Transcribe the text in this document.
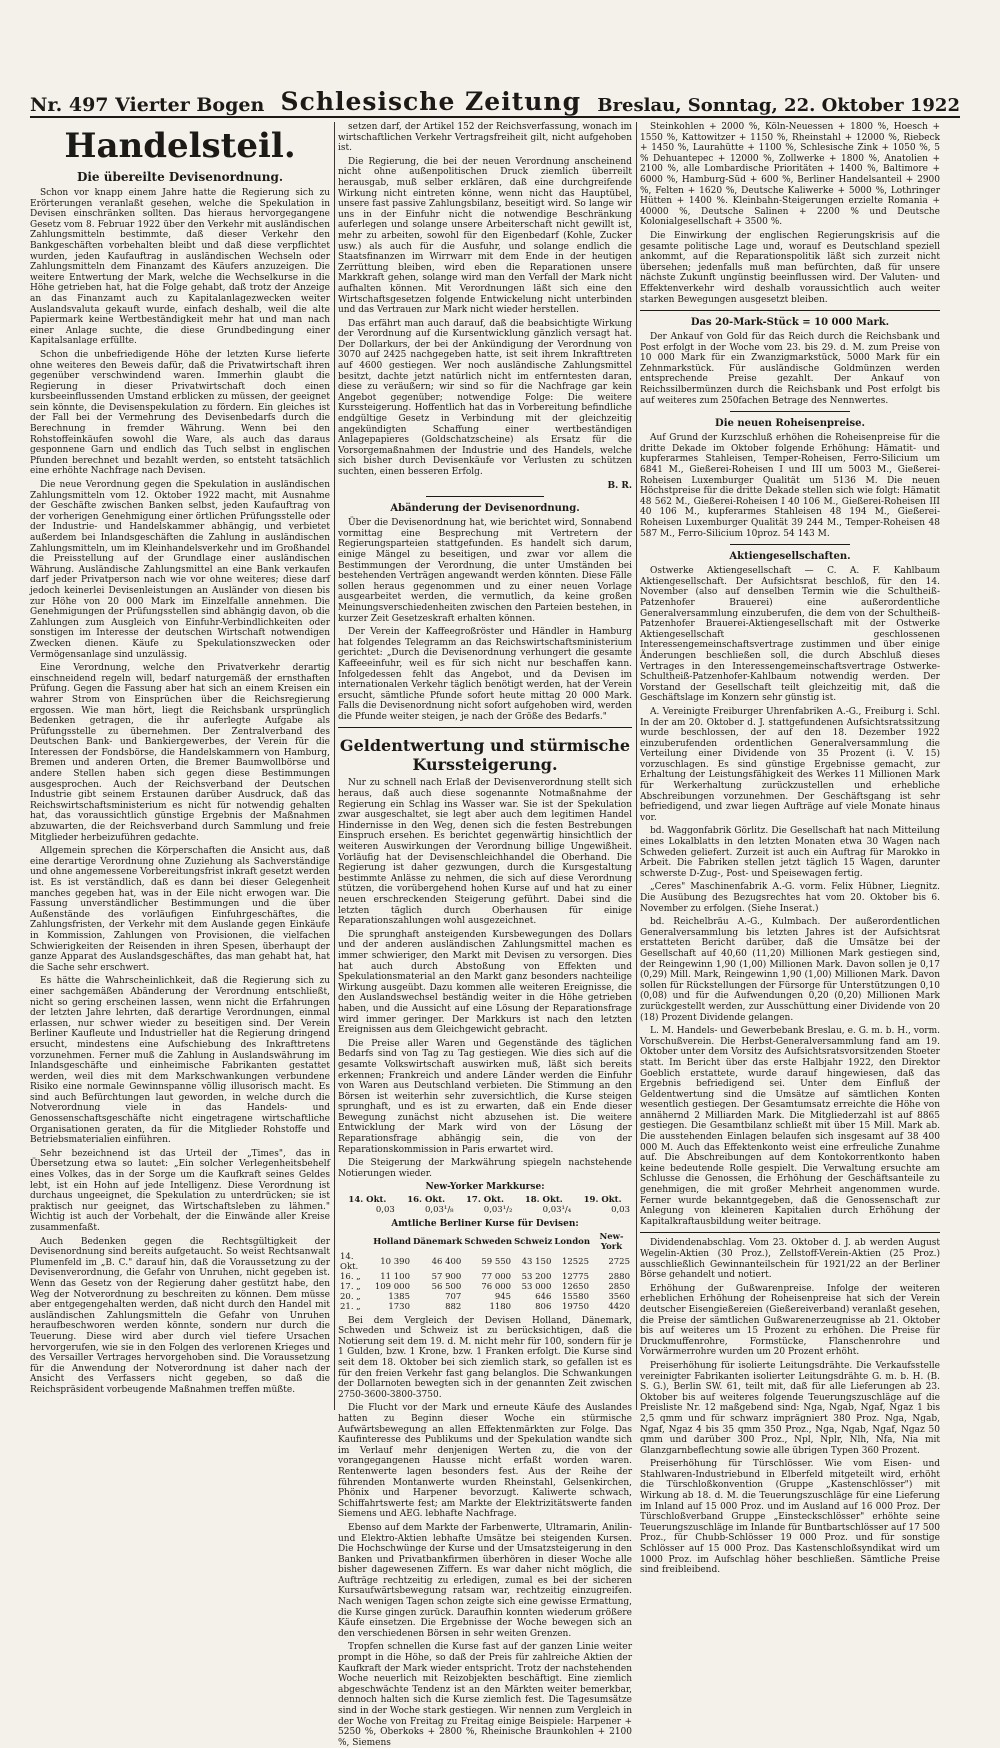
Nr. 497 Vierter Bogen Schlesische Zeitung Breslau, Sonntag, 22. Oktober 1922
Handelsteil.
Die übereilte Devisenordnung.

Schon vor knapp einem Jahre hatte die Regierung sich zu Erörterungen veranlaßt gesehen, welche die Spekulation in Devisen einschränken sollten. Das hieraus hervorgegangene Gesetz vom 8. Februar 1922 über den Verkehr mit ausländischen Zahlungsmitteln bestimmte, daß dieser Verkehr den Bankgeschäften vorbehalten bleibt und daß diese verpflichtet wurden, jeden Kaufauftrag in ausländischen Wechseln oder Zahlungsmitteln dem Finanzamt des Käufers anzuzeigen. Die weitere Entwertung der Mark, welche die Wechselkurse in die Höhe getrieben hat, hat die Folge gehabt, daß trotz der Anzeige an das Finanzamt auch zu Kapitalanlagezwecken weiter Auslandsvaluta gekauft wurde, einfach deshalb, weil die alte Papiermark keine Wertbeständigkeit mehr hat und man nach einer Anlage suchte, die diese Grundbedingung einer Kapitalsanlage erfüllte.

Schon die unbefriedigende Höhe der letzten Kurse lieferte ohne weiteres den Beweis dafür, daß die Privatwirtschaft ihren gegenüber verschwindend waren. Immerhin glaubt die Regierung in dieser Privatwirtschaft doch einen kursbeeinflussenden Umstand erblicken zu müssen, der geeignet sein könnte, die Devisenspekulation zu fördern. Ein gleiches ist der Fall bei der Vermehrung des Devisenbedarfs durch die Berechnung in fremder Währung. Wenn bei den Rohstoffeinkäufen sowohl die Ware, als auch das daraus gesponnene Garn und endlich das Tuch selbst in englischen Pfunden berechnet und bezahlt werden, so entsteht tatsächlich eine erhöhte Nachfrage nach Devisen.

Die neue Verordnung gegen die Spekulation in ausländischen Zahlungsmitteln vom 12. Oktober 1922 macht, mit Ausnahme der Geschäfte zwischen Banken selbst, jeden Kaufauftrag von der vorherigen Genehmigung einer örtlichen Prüfungsstelle oder der Industrie- und Handelskammer abhängig, und verbietet außerdem bei Inlandsgeschäften die Zahlung in ausländischen Zahlungsmitteln, um im Kleinhandelsverkehr und im Großhandel die Preisstellung auf der Grundlage einer ausländischen Währung. Ausländische Zahlungsmittel an eine Bank verkaufen darf jeder Privatperson nach wie vor ohne weiteres; diese darf jedoch keinerlei Devisenleistungen an Ausländer von diesen bis zur Höhe von 20 000 Mark im Einzelfalle annehmen. Die Genehmigungen der Prüfungsstellen sind abhängig davon, ob die Zahlungen zum Ausgleich von Einfuhr-Verbindlichkeiten oder sonstigen im Interesse der deutschen Wirtschaft notwendigen Zwecken dienen. Käufe zu Spekulationszwecken oder Vermögensanlage sind unzulässig.

Eine Verordnung, welche den Privatverkehr derartig einschneidend regeln will, bedarf naturgemäß der ernsthaften Prüfung. Gegen die Fassung aber hat sich an einem Kreisen ein wahrer Strom von Einsprüchen über die Reichsregierung ergossen. Wie man hört, liegt die Reichsbank ursprünglich Bedenken getragen, die ihr auferlegte Aufgabe als Prüfungsstelle zu übernehmen. Der Zentralverband des Deutschen Bank- und Bankiergewerbes, der Verein für die Interessen der Fondsbörse, die Handelskammern von Hamburg, Bremen und anderen Orten, die Bremer Baumwollbörse und andere Stellen haben sich gegen diese Bestimmungen ausgesprochen. Auch der Reichsverband der Deutschen Industrie gibt seinem Erstaunen darüber Ausdruck, daß das Reichswirtschaftsministerium es nicht für notwendig gehalten hat, das voraussichtlich günstige Ergebnis der Maßnahmen abzuwarten, die der Reichsverband durch Sammlung und freie Mitglieder herbeizuführen gedachte.

Allgemein sprechen die Körperschaften die Ansicht aus, daß eine derartige Verordnung ohne Zuziehung als Sachverständige und ohne angemessene Vorbereitungsfrist inkraft gesetzt werden ist. Es ist verständlich, daß es dann bei dieser Gelegenheit manches gegeben hat, was in der Eile nicht erwogen war. Die Fassung unverständlicher Bestimmungen und die über Außenstände des vorläufigen Einfuhrgeschäftes, die Zahlungsfristen, der Verkehr mit dem Auslande gegen Einkäufe in Kommission, Zahlungen von Provisionen, die vielfachen Schwierigkeiten der Reisenden in ihren Spesen, überhaupt der ganze Apparat des Auslandsgeschäftes, das man gehabt hat, hat die Sache sehr erschwert.

Es hätte die Wahrscheinlichkeit, daß die Regierung sich zu einer sachgemäßen Abänderung der Verordnung entschließt, nicht so gering erscheinen lassen, wenn nicht die Erfahrungen der letzten Jahre lehrten, daß derartige Verordnungen, einmal erlassen, nur schwer wieder zu beseitigen sind. Der Verein Berliner Kaufleute und Industrieller hat die Regierung dringend ersucht, mindestens eine Aufschiebung des Inkrafttretens vorzunehmen. Ferner muß die Zahlung in Auslandswährung im Inlandsgeschäfte und einheimische Fabrikanten gestattet werden, weil dies mit dem Markschwankungen verbundene Risiko eine normale Gewinnspanne völlig illusorisch macht. Es sind auch Befürchtungen laut geworden, in welche durch die Notverordnung viele in das Handels- und Genossenschaftsgeschäfte nicht eingetragene wirtschaftliche Organisationen geraten, da für die Mitglieder Rohstoffe und Betriebsmaterialien einführen.

Sehr bezeichnend ist das Urteil der „Times", das in Übersetzung etwa so lautet: „Ein solcher Verlegenheitsbehelf eines Volkes, das in der Sorge um die Kaufkraft seines Geldes lebt, ist ein Hohn auf jede Intelligenz. Diese Verordnung ist durchaus ungeeignet, die Spekulation zu unterdrücken; sie ist praktisch nur geeignet, das Wirtschaftsleben zu lähmen." Wichtig ist auch der Vorbehalt, der die Einwände aller Kreise zusammenfaßt.

Auch Bedenken gegen die Rechtsgültigkeit der Devisenordnung sind bereits aufgetaucht. So weist Rechtsanwalt Plumenfeld im „B. C." darauf hin, daß die Voraussetzung zu der Devisenverordnung, die Gefahr von Unruhen, nicht gegeben ist. Wenn das Gesetz von der Regierung daher gestützt habe, den Weg der Notverordnung zu beschreiten zu können. Dem müsse aber entgegengehalten werden, daß nicht durch den Handel mit ausländischen Zahlungsmitteln die Gefahr von Unruhen heraufbeschworen werden könnte, sondern nur durch die Teuerung. Diese wird aber durch viel tiefere Ursachen hervorgerufen, wie sie in den Folgen des verlorenen Krieges und des Versailler Vertrages hervorgehoben sind. Die Voraussetzung für die Anwendung der Notverordnung ist daher nach der Ansicht des Verfassers nicht gegeben, so daß die Reichspräsident vorbeugende Maßnahmen treffen müßte.

setzen darf, der Artikel 152 der Reichsverfassung, wonach im wirtschaftlichen Verkehr Vertragsfreiheit gilt, nicht aufgehoben ist.

Die Regierung, die bei der neuen Verordnung anscheinend nicht ohne außenpolitischen Druck ziemlich überreilt herausgab, muß selber erklären, daß eine durchgreifende Wirkung nicht eintreten könne, wenn nicht das Hauptübel, unsere fast passive Zahlungsbilanz, beseitigt wird. So lange wir uns in der Einfuhr nicht die notwendige Beschränkung auferlegen und solange unsere Arbeiterschaft nicht gewillt ist, mehr zu arbeiten, sowohl für den Eigenbedarf (Kohle, Zucker usw.) als auch für die Ausfuhr, und solange endlich die Staatsfinanzen im Wirrwarr mit dem Ende in der heutigen Zerrüttung bleiben, wird eben die Reparationen unsere Markkraft gehen, solange wird man den Verfall der Mark nicht aufhalten können. Mit Verordnungen läßt sich eine den Wirtschaftsgesetzen folgende Entwickelung nicht unterbinden und das Vertrauen zur Mark nicht wieder herstellen.

Das erfährt man auch darauf, daß die beabsichtigte Wirkung der Verordnung auf die Kursentwicklung gänzlich versagt hat. Der Dollarkurs, der bei der Ankündigung der Verordnung von 3070 auf 2425 nachgegeben hatte, ist seit ihrem Inkrafttreten auf 4600 gestiegen. Wer noch ausländische Zahlungsmittel besitzt, dachte jetzt natürlich nicht im entferntesten daran, diese zu veräußern; wir sind so für die Nachfrage gar kein Angebot gegenüber; notwendige Folge: Die weitere Kurssteigerung. Hoffentlich hat das in Vorbereitung befindliche endgültige Gesetz in Verbindung mit der gleichzeitig angekündigten Schaffung einer wertbeständigen Anlagepapieres (Goldschatzscheine) als Ersatz für die Vorsorgemaßnahmen der Industrie und des Handels, welche sich bisher durch Devisenkäufe vor Verlusten zu schützen suchten, einen besseren Erfolg.

B. R.
Abänderung der Devisenordnung.

Über die Devisenordnung hat, wie berichtet wird, Sonnabend vormittag eine Besprechung mit Vertretern der Regierungsparteien stattgefunden. Es handelt sich darum, einige Mängel zu beseitigen, und zwar vor allem die Bestimmungen der Verordnung, die unter Umständen bei bestehenden Verträgen angewandt werden könnten. Diese Fälle sollen heraus gegenommen und zu einer neuen Vorlage ausgearbeitet werden, die vermutlich, da keine großen Meinungsverschiedenheiten zwischen den Parteien bestehen, in kurzer Zeit Gesetzeskraft erhalten können.

Der Verein der Kaffeegroßröster und Händler in Hamburg hat folgendes Telegramm an das Reichswirtschaftsministerium gerichtet: „Durch die Devisenordnung verhungert die gesamte Kaffeeeinfuhr, weil es für sich nicht nur beschaffen kann. Infolgedessen fehlt das Angebot, und da Devisen im internationalen Verkehr täglich benötigt werden, hat der Verein ersucht, sämtliche Pfunde sofort heute mittag 20 000 Mark. Falls die Devisenordnung nicht sofort aufgehoben wird, werden die Pfunde weiter steigen, je nach der Größe des Bedarfs."

Geldentwertung und stürmische Kurssteigerung.

Nur zu schnell nach Erlaß der Devisenverordnung stellt sich heraus, daß auch diese sogenannte Notmaßnahme der Regierung ein Schlag ins Wasser war. Sie ist der Spekulation zwar ausgeschaltet, sie legt aber auch dem legitimen Handel Hindernisse in den Weg, denen sich die festen Bestrebungen Einspruch ersehen. Es berichtet gegenwärtig hinsichtlich der weiteren Auswirkungen der Verordnung billige Ungewißheit. Vorläufig hat der Devisenschleichhandel die Oberhand. Die Regierung ist daher gezwungen, durch die Kursgestaltung bestimmte Anlässe zu nehmen, die sich auf diese Verordnung stützen, die vorübergehend hohen Kurse auf und hat zu einer neuen erschreckenden Steigerung geführt. Dabei sind die letzten täglich durch Oberhausen für einige Reparationszahlungen wohl ausgezeichnet.

Die sprunghaft ansteigenden Kursbewegungen des Dollars und der anderen ausländischen Zahlungsmittel machen es immer schwieriger, den Markt mit Devisen zu versorgen. Dies hat auch durch Abstoßung von Effekten und Spekulationsmaterial an den Markt ganz besonders nachteilige Wirkung ausgeübt. Dazu kommen alle weiteren Ereignisse, die den Auslandswechsel beständig weiter in die Höhe getrieben haben, und die Aussicht auf eine Lösung der Reparationsfrage wird immer geringer. Der Markkurs ist nach den letzten Ereignissen aus dem Gleichgewicht gebracht.

Die Preise aller Waren und Gegenstände des täglichen Bedarfs sind von Tag zu Tag gestiegen. Wie dies sich auf die gesamte Volkswirtschaft auswirken muß, läßt sich bereits erkennen; Frankreich und andere Länder werden die Einfuhr von Waren aus Deutschland verbieten. Die Stimmung an den Börsen ist weiterhin sehr zuversichtlich, die Kurse steigen sprunghaft, und es ist zu erwarten, daß ein Ende dieser Bewegung zunächst nicht abzusehen ist. Die weitere Entwicklung der Mark wird von der Lösung der Reparationsfrage abhängig sein, die von der Reparationskommission in Paris erwartet wird.

Die Steigerung der Markwährung spiegeln nachstehende Notierungen wieder.

New-Yorker Markkurse:
14. Okt.	16. Okt.	17. Okt.	18. Okt.	19. Okt.
0,03	0,03¹/₈	0,03¹/₂	0,03¹/₄	0,03
Amtliche Berliner Kurse für Devisen:
	Holland	Dänemark	Schweden	Schweiz	London	New-York
14. Okt.	10 390	46 400	59 550	43 150	12525	2725
16. „	11 100	57 900	77 000	53 200	12775	2880
17. „	109 000	56 500	76 000	53 000	12650	2850
20. „	1385	707	945	646	15580	3560
21. „	1730	882	1180	806	19750	4420

Bei dem Vergleich der Devisen Holland, Dänemark, Schweden und Schweiz ist zu berücksichtigen, daß die Notierung seit dem 19. d. M. nicht mehr für 100, sondern für je 1 Gulden, bzw. 1 Krone, bzw. 1 Franken erfolgt. Die Kurse sind seit dem 18. Oktober bei sich ziemlich stark, so gefallen ist es für den freien Verkehr fast gang belanglos. Die Schwankungen der Dollarnoten bewegten sich in der genannten Zeit zwischen 2750-3600-3800-3750.

Die Flucht vor der Mark und erneute Käufe des Auslandes hatten zu Beginn dieser Woche ein stürmische Aufwärtsbewegung an allen Effektenmärkten zur Folge. Das Kaufinteresse des Publikums und der Spekulation wandte sich im Verlauf mehr denjenigen Werten zu, die von der vorangegangenen Hausse nicht erfaßt worden waren. Rentenwerte lagen besonders fest. Aus der Reihe der führenden Montanwerte wurden Rheinstahl, Gelsenkirchen, Phönix und Harpener bevorzugt. Kaliwerte schwach, Schiffahrtswerte fest; am Markte der Elektrizitätswerte fanden Siemens und AEG. lebhafte Nachfrage.

Ebenso auf dem Markte der Farbenwerte, Ultramarin, Anilin- und Elektro-Aktien lebhafte Umsätze bei steigenden Kursen. Die Hochschwünge der Kurse und der Umsatzsteigerung in den Banken und Privatbankfirmen überhören in dieser Woche alle bisher dagewesenen Ziffern. Es war daher nicht möglich, die Aufträge rechtzeitig zu erledigen, zumal es bei der sicheren Kursaufwärtsbewegung ratsam war, rechtzeitig einzugreifen. Nach wenigen Tagen schon zeigte sich eine gewisse Ermattung, die Kurse gingen zurück. Daraufhin konnten wiederum größere Käufe einsetzen. Die Ergebnisse der Woche bewegen sich an den verschiedenen Börsen in sehr weiten Grenzen.

Tropfen schnellen die Kurse fast auf der ganzen Linie weiter prompt in die Höhe, so daß der Preis für zahlreiche Aktien der Kaufkraft der Mark wieder entspricht. Trotz der nachstehenden Woche neuerlich mit Reizobjekten beschäftigt. Eine ziemlich abgeschwächte Tendenz ist an den Märkten weiter bemerkbar, dennoch halten sich die Kurse ziemlich fest. Die Tagesumsätze sind in der Woche stark gestiegen. Wir nennen zum Vergleich in der Woche von Freitag zu Freitag einige Beispiele: Harpener + 5250 %, Oberkoks + 2800 %, Rheinische Braunkohlen + 2100 %, Siemens

Steinkohlen + 2000 %, Köln-Neuessen + 1800 %, Hoesch + 1550 %, Kattowitzer + 1150 %, Rheinstahl + 12000 %, Riebeck + 1450 %, Laurahütte + 1100 %, Schlesische Zink + 1050 %, 5 % Dehuantepec + 12000 %, Zollwerke + 1800 %, Anatolien + 2100 %, alle Lombardische Prioritäten + 1400 %, Baltimore + 6000 %, Hamburg-Süd + 600 %, Berliner Handelsanteil + 2900 %, Felten + 1620 %, Deutsche Kaliwerke + 5000 %, Lothringer Hütten + 1400 %. Kleinbahn-Steigerungen erzielte Romania + 40000 %, Deutsche Salinen + 2200 % und Deutsche Kolonialgesellschaft + 3500 %.

Die Einwirkung der englischen Regierungskrisis auf die gesamte politische Lage und, worauf es Deutschland speziell ankommt, auf die Reparationspolitik läßt sich zurzeit nicht übersehen; jedenfalls muß man befürchten, daß für unsere nächste Zukunft ungünstig beeinflussen wird. Der Valuten- und Effektenverkehr wird deshalb voraussichtlich auch weiter starken Bewegungen ausgesetzt bleiben.

Das 20-Mark-Stück = 10 000 Mark.

Der Ankauf von Gold für das Reich durch die Reichsbank und Post erfolgt in der Woche vom 23. bis 29. d. M. zum Preise von 10 000 Mark für ein Zwanzigmarkstück, 5000 Mark für ein Zehnmarkstück. Für ausländische Goldmünzen werden entsprechende Preise gezahlt. Der Ankauf von Reichssilbermünzen durch die Reichsbank und Post erfolgt bis auf weiteres zum 250fachen Betrage des Nennwertes.

Die neuen Roheisenpreise.

Auf Grund der Kurzschluß erhöhen die Roheisenpreise für die dritte Dekade im Oktober folgende Erhöhung: Hämatit- und kupferarmes Stahleisen, Temper-Roheisen, Ferro-Silicium um 6841 M., Gießerei-Roheisen I und III um 5003 M., Gießerei-Roheisen Luxemburger Qualität um 5136 M. Die neuen Höchstpreise für die dritte Dekade stellen sich wie folgt: Hämatit 48 562 M., Gießerei-Roheisen I 40 106 M., Gießerei-Roheisen III 40 106 M., kupferarmes Stahleisen 48 194 M., Gießerei-Roheisen Luxemburger Qualität 39 244 M., Temper-Roheisen 48 587 M., Ferro-Silicium 10proz. 54 143 M.

Aktiengesellschaften.

Ostwerke Aktiengesellschaft — C. A. F. Kahlbaum Aktiengesellschaft. Der Aufsichtsrat beschloß, für den 14. November (also auf denselben Termin wie die Schultheiß-Patzenhofer Brauerei) eine außerordentliche Generalversammlung einzuberufen, die dem von der Schultheiß-Patzenhofer Brauerei-Aktiengesellschaft mit der Ostwerke Aktiengesellschaft geschlossenen Interessengemeinschaftsvertrage zustimmen und über einige Änderungen beschließen soll, die durch Abschluß dieses Vertrages in den Interessengemeinschaftsvertrage Ostwerke-Schultheiß-Patzenhofer-Kahlbaum notwendig werden. Der Vorstand der Gesellschaft teilt gleichzeitig mit, daß die Geschäftslage im Konzern sehr günstig ist.

A. Vereinigte Freiburger Uhrenfabriken A.-G., Freiburg i. Schl. In der am 20. Oktober d. J. stattgefundenen Aufsichtsratssitzung wurde beschlossen, der auf den 18. Dezember 1922 einzuberufenden ordentlichen Generalversammlung die Verteilung einer Dividende von 35 Prozent (i. V. 15) vorzuschlagen. Es sind günstige Ergebnisse gemacht, zur Erhaltung der Leistungsfähigkeit des Werkes 11 Millionen Mark für Werkerhaltung zurückzustellen und erhebliche Abschreibungen vorzunehmen. Der Geschäftsgang ist sehr befriedigend, und zwar liegen Aufträge auf viele Monate hinaus vor.

bd. Waggonfabrik Görlitz. Die Gesellschaft hat nach Mitteilung eines Lokalblatts in den letzten Monaten etwa 30 Wagen nach Schweden geliefert. Zurzeit ist auch ein Auftrag für Marokko in Arbeit. Die Fabriken stellen jetzt täglich 15 Wagen, darunter schwerste D-Zug-, Post- und Speisewagen fertig.

„Ceres" Maschinenfabrik A.-G. vorm. Felix Hübner, Liegnitz. Die Ausübung des Bezugsrechtes hat vom 20. Oktober bis 6. November zu erfolgen. (Siehe Inserat.)

bd. Reichelbräu A.-G., Kulmbach. Der außerordentlichen Generalversammlung bis letzten Jahres ist der Aufsichtsrat erstatteten Bericht darüber, daß die Umsätze bei der Gesellschaft auf 40,60 (11,20) Millionen Mark gestiegen sind, der Reingewinn 1,90 (1,00) Millionen Mark. Davon sollen je 0,17 (0,29) Mill. Mark, Reingewinn 1,90 (1,00) Millionen Mark. Davon sollen für Rückstellungen der Fürsorge für Unterstützungen 0,10 (0,08) und für die Aufwendungen 0,20 (0,20) Millionen Mark zurückgestellt werden, zur Ausschüttung einer Dividende von 20 (18) Prozent Dividende gelangen.

L. M. Handels- und Gewerbebank Breslau, e. G. m. b. H., vorm. Vorschußverein. Die Herbst-Generalversammlung fand am 19. Oktober unter dem Vorsitz des Aufsichtsratsvorsitzenden Stoeter statt. Im Bericht über das erste Halbjahr 1922, den Direktor Goeblich erstattete, wurde darauf hingewiesen, daß das Ergebnis befriedigend sei. Unter dem Einfluß der Geldentwertung sind die Umsätze auf sämtlichen Konten wesentlich gestiegen. Der Gesamtumsatz erreichte die Höhe von annähernd 2 Milliarden Mark. Die Mitgliederzahl ist auf 8865 gestiegen. Die Gesamtbilanz schließt mit über 15 Mill. Mark ab. Die ausstehenden Einlagen belaufen sich insgesamt auf 38 400 000 M. Auch das Effektenkonto weist eine erfreuliche Zunahme auf. Die Abschreibungen auf dem Kontokorrentkonto haben keine bedeutende Rolle gespielt. Die Verwaltung ersuchte am Schlusse die Genossen, die Erhöhung der Geschäftsanteile zu genehmigen, die mit großer Mehrheit angenommen wurde. Ferner wurde bekanntgegeben, daß die Genossenschaft zur Anlegung von kleineren Kapitalien durch Erhöhung der Kapitalkraftausbildung weiter beitrage.

Dividendenabschlag. Vom 23. Oktober d. J. ab werden August Wegelin-Aktien (30 Proz.), Zellstoff-Verein-Aktien (25 Proz.) ausschließlich Gewinnanteilschein für 1921/22 an der Berliner Börse gehandelt und notiert.

Erhöhung der Gußwarenpreise. Infolge der weiteren erheblichen Erhöhung der Roheisenpreise hat sich der Verein deutscher Eisengießereien (Gießereiverband) veranlaßt gesehen, die Preise der sämtlichen Gußwarenerzeugnisse ab 21. Oktober bis auf weiteres um 15 Prozent zu erhöhen. Die Preise für Druckmuffenrohre, Formstücke, Flanschenrohre und Vorwärmerrohre wurden um 20 Prozent erhöht.

Preiserhöhung für isolierte Leitungsdrähte. Die Verkaufsstelle vereinigter Fabrikanten isolierter Leitungsdrähte G. m. b. H. (B. S. G.), Berlin SW. 61, teilt mit, daß für alle Lieferungen ab 23. Oktober bis auf weiteres folgende Teuerungszuschläge auf die Preisliste Nr. 12 maßgebend sind: Nga, Ngab, Ngaf, Ngaz 1 bis 2,5 qmm und für schwarz imprägniert 380 Proz. Nga, Ngab, Ngaf, Ngaz 4 bis 35 qmm 350 Proz., Nga, Ngab, Ngaf, Ngaz 50 qmm und darüber 300 Proz., Npl, Nplr, Nlh, Nfa, Nia mit Glanzgarnbeflechtung sowie alle übrigen Typen 360 Prozent.

Preiserhöhung für Türschlösser. Wie vom Eisen- und Stahlwaren-Industriebund in Elberfeld mitgeteilt wird, erhöht die Türschloßkonvention (Gruppe „Kastenschlösser") mit Wirkung ab 18. d. M. die Teuerungszuschläge für eine Lieferung im Inland auf 15 000 Proz. und im Ausland auf 16 000 Proz. Der Türschloßverband Gruppe „Einsteckschlösser" erhöhte seine Teuerungszuschläge im Inlande für Buntbartschlösser auf 17 500 Proz., für Chubb-Schlösser 19 000 Proz. und für sonstige Schlösser auf 15 000 Proz. Das Kastenschloßsyndikat wird um 1000 Proz. im Aufschlag höher beschließen. Sämtliche Preise sind freibleibend.
